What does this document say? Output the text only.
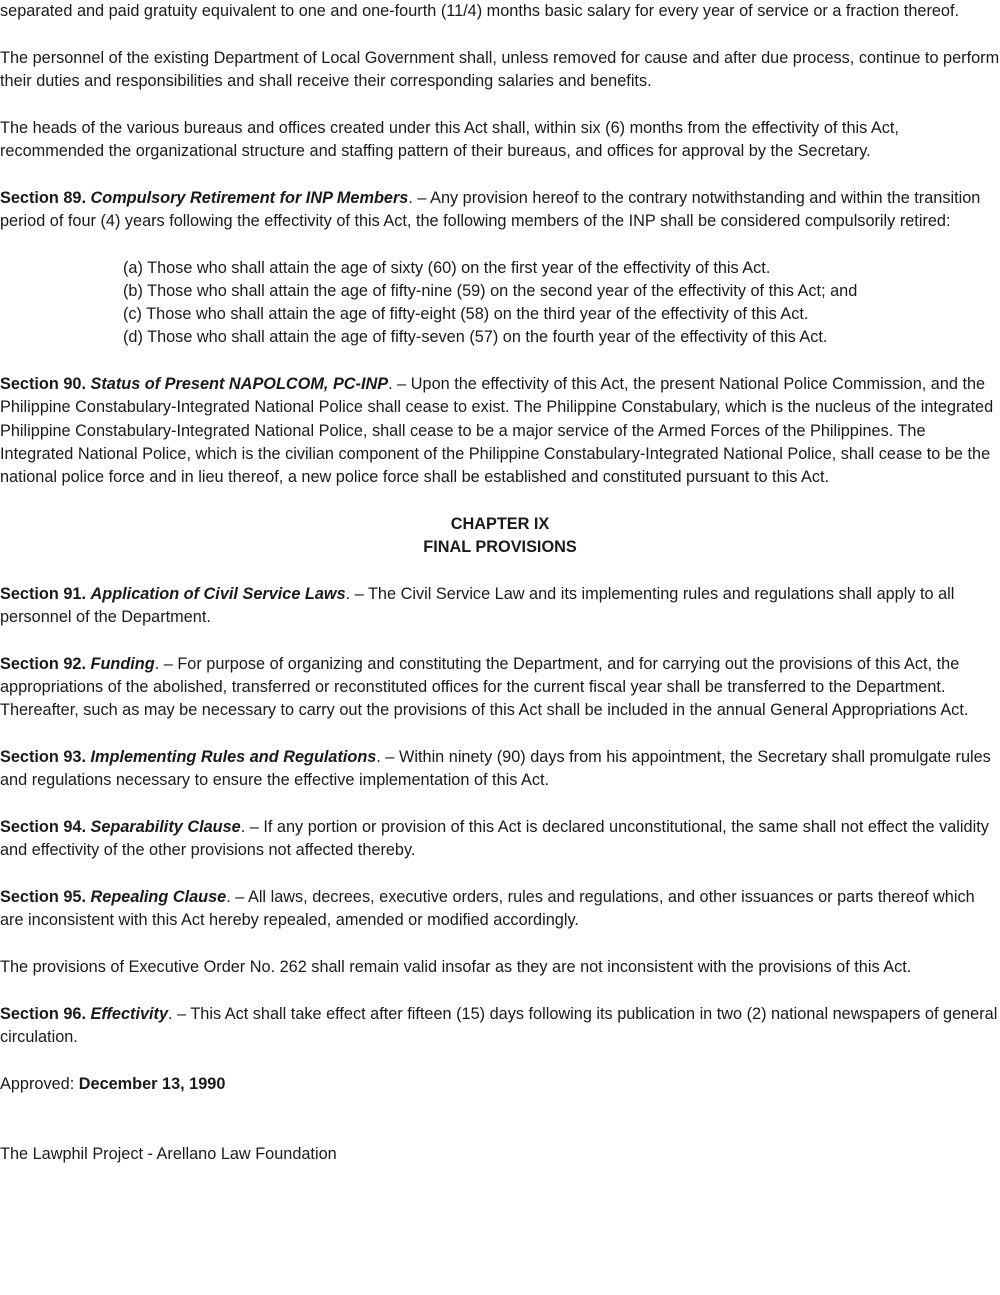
separated and paid gratuity equivalent to one and one-fourth (11/4) months basic salary for every year of service or a fraction thereof.

The personnel of the existing Department of Local Government shall, unless removed for cause and after due process, continue to perform their duties and responsibilities and shall receive their corresponding salaries and benefits.

The heads of the various bureaus and offices created under this Act shall, within six (6) months from the effectivity of this Act, recommended the organizational structure and staffing pattern of their bureaus, and offices for approval by the Secretary.

Section 89. Compulsory Retirement for INP Members. – Any provision hereof to the contrary notwithstanding and within the transition period of four (4) years following the effectivity of this Act, the following members of the INP shall be considered compulsorily retired:

(a) Those who shall attain the age of sixty (60) on the first year of the effectivity of this Act.

(b) Those who shall attain the age of fifty-nine (59) on the second year of the effectivity of this Act; and

(c) Those who shall attain the age of fifty-eight (58) on the third year of the effectivity of this Act.

(d) Those who shall attain the age of fifty-seven (57) on the fourth year of the effectivity of this Act.

Section 90. Status of Present NAPOLCOM, PC-INP. – Upon the effectivity of this Act, the present National Police Commission, and the Philippine Constabulary-Integrated National Police shall cease to exist. The Philippine Constabulary, which is the nucleus of the integrated Philippine Constabulary-Integrated National Police, shall cease to be a major service of the Armed Forces of the Philippines. The Integrated National Police, which is the civilian component of the Philippine Constabulary-Integrated National Police, shall cease to be the national police force and in lieu thereof, a new police force shall be established and constituted pursuant to this Act.

CHAPTER IX

FINAL PROVISIONS

Section 91. Application of Civil Service Laws. – The Civil Service Law and its implementing rules and regulations shall apply to all personnel of the Department.

Section 92. Funding. – For purpose of organizing and constituting the Department, and for carrying out the provisions of this Act, the appropriations of the abolished, transferred or reconstituted offices for the current fiscal year shall be transferred to the Department. Thereafter, such as may be necessary to carry out the provisions of this Act shall be included in the annual General Appropriations Act.

Section 93. Implementing Rules and Regulations. – Within ninety (90) days from his appointment, the Secretary shall promulgate rules and regulations necessary to ensure the effective implementation of this Act.

Section 94. Separability Clause. – If any portion or provision of this Act is declared unconstitutional, the same shall not effect the validity and effectivity of the other provisions not affected thereby.

Section 95. Repealing Clause. – All laws, decrees, executive orders, rules and regulations, and other issuances or parts thereof which are inconsistent with this Act hereby repealed, amended or modified accordingly.

The provisions of Executive Order No. 262 shall remain valid insofar as they are not inconsistent with the provisions of this Act.

Section 96. Effectivity. – This Act shall take effect after fifteen (15) days following its publication in two (2) national newspapers of general circulation.

Approved: December 13, 1990

The Lawphil Project - Arellano Law Foundation
